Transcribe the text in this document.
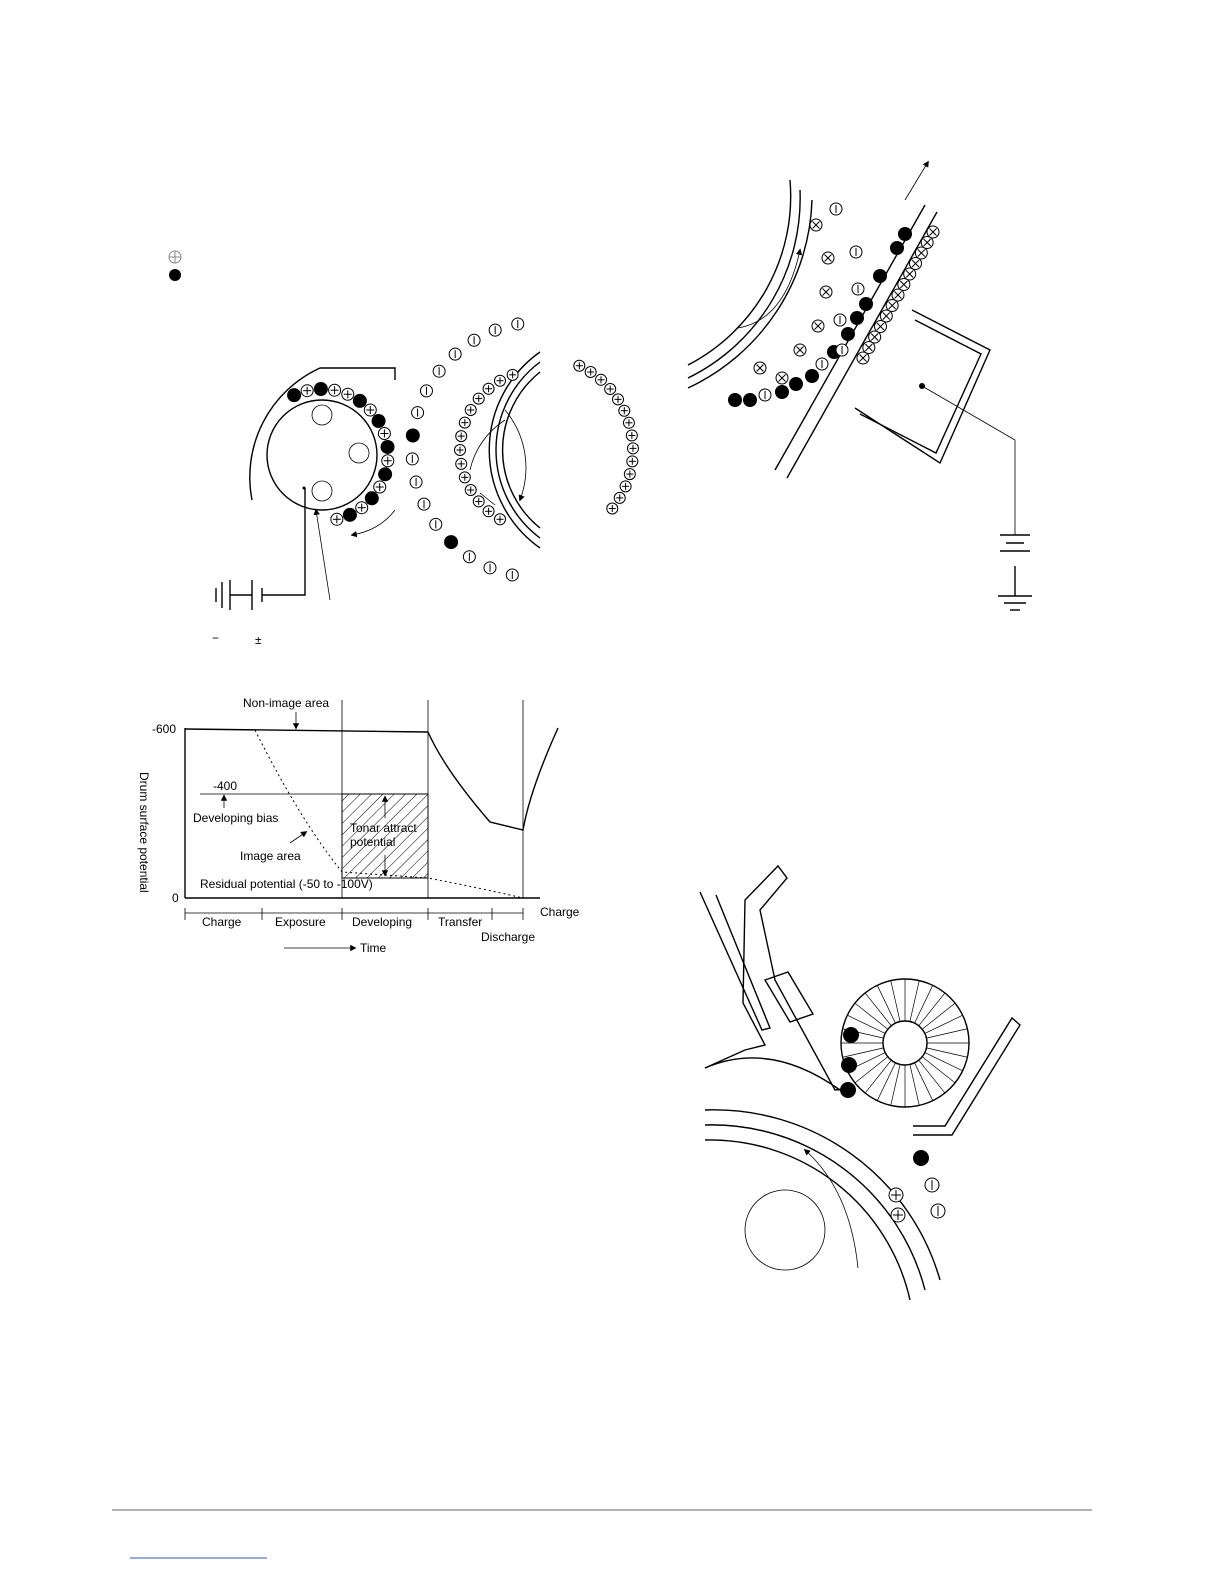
−	±
Non-image area
-600
-400
0
Drum surface potential	Developing bias
Image area
Tonar attract
potential
Residual potential (-50 to -100V)
Charge	Exposure Developing Transfer
Discharge
Charge
Time
